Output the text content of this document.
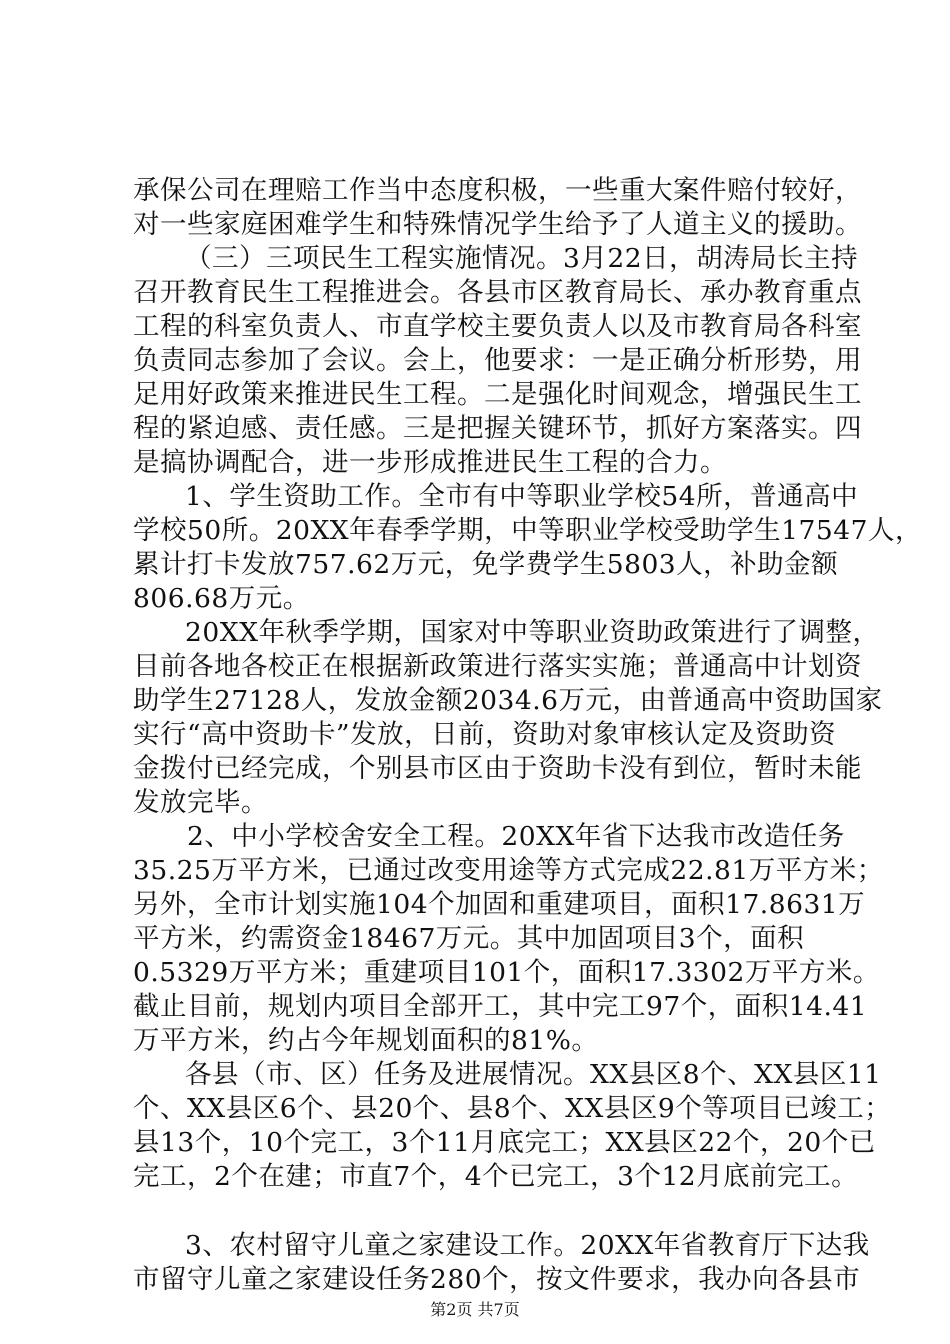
承保公司在理赔工作当中态度积极，一些重大案件赔付较好，
对一些家庭困难学生和特殊情况学生给予了人道主义的援助。
（三）三项民生工程实施情况。3月22日，胡涛局长主持
召开教育民生工程推进会。各县市区教育局长、承办教育重点
工程的科室负责人、市直学校主要负责人以及市教育局各科室
负责同志参加了会议。会上，他要求：一是正确分析形势，用
足用好政策来推进民生工程。二是强化时间观念，增强民生工
程的紧迫感、责任感。三是把握关键环节，抓好方案落实。四
是搞协调配合，进一步形成推进民生工程的合力。
1、学生资助工作。全市有中等职业学校54所，普通高中
学校50所。20XX年春季学期，中等职业学校受助学生17547人，
累计打卡发放757.62万元，免学费学生5803人，补助金额
806.68万元。
20XX年秋季学期，国家对中等职业资助政策进行了调整，
目前各地各校正在根据新政策进行落实实施；普通高中计划资
助学生27128人，发放金额2034.6万元，由普通高中资助国家
实行“高中资助卡”发放，日前，资助对象审核认定及资助资
金拨付已经完成，个别县市区由于资助卡没有到位，暂时未能
发放完毕。
2、中小学校舍安全工程。20XX年省下达我市改造任务
35.25万平方米，已通过改变用途等方式完成22.81万平方米；
另外，全市计划实施104个加固和重建项目，面积17.8631万
平方米，约需资金18467万元。其中加固项目3个，面积
0.5329万平方米；重建项目101个，面积17.3302万平方米。
截止目前，规划内项目全部开工，其中完工97个，面积14.41
万平方米，约占今年规划面积的81%。
各县（市、区）任务及进展情况。XX县区8个、XX县区11
个、XX县区6个、县20个、县8个、XX县区9个等项目已竣工；
县13个，10个完工，3个11月底完工；XX县区22个，20个已
完工，2个在建；市直7个，4个已完工，3个12月底前完工。
3、农村留守儿童之家建设工作。20XX年省教育厅下达我
市留守儿童之家建设任务280个，按文件要求，我办向各县市
第2页 共7页
